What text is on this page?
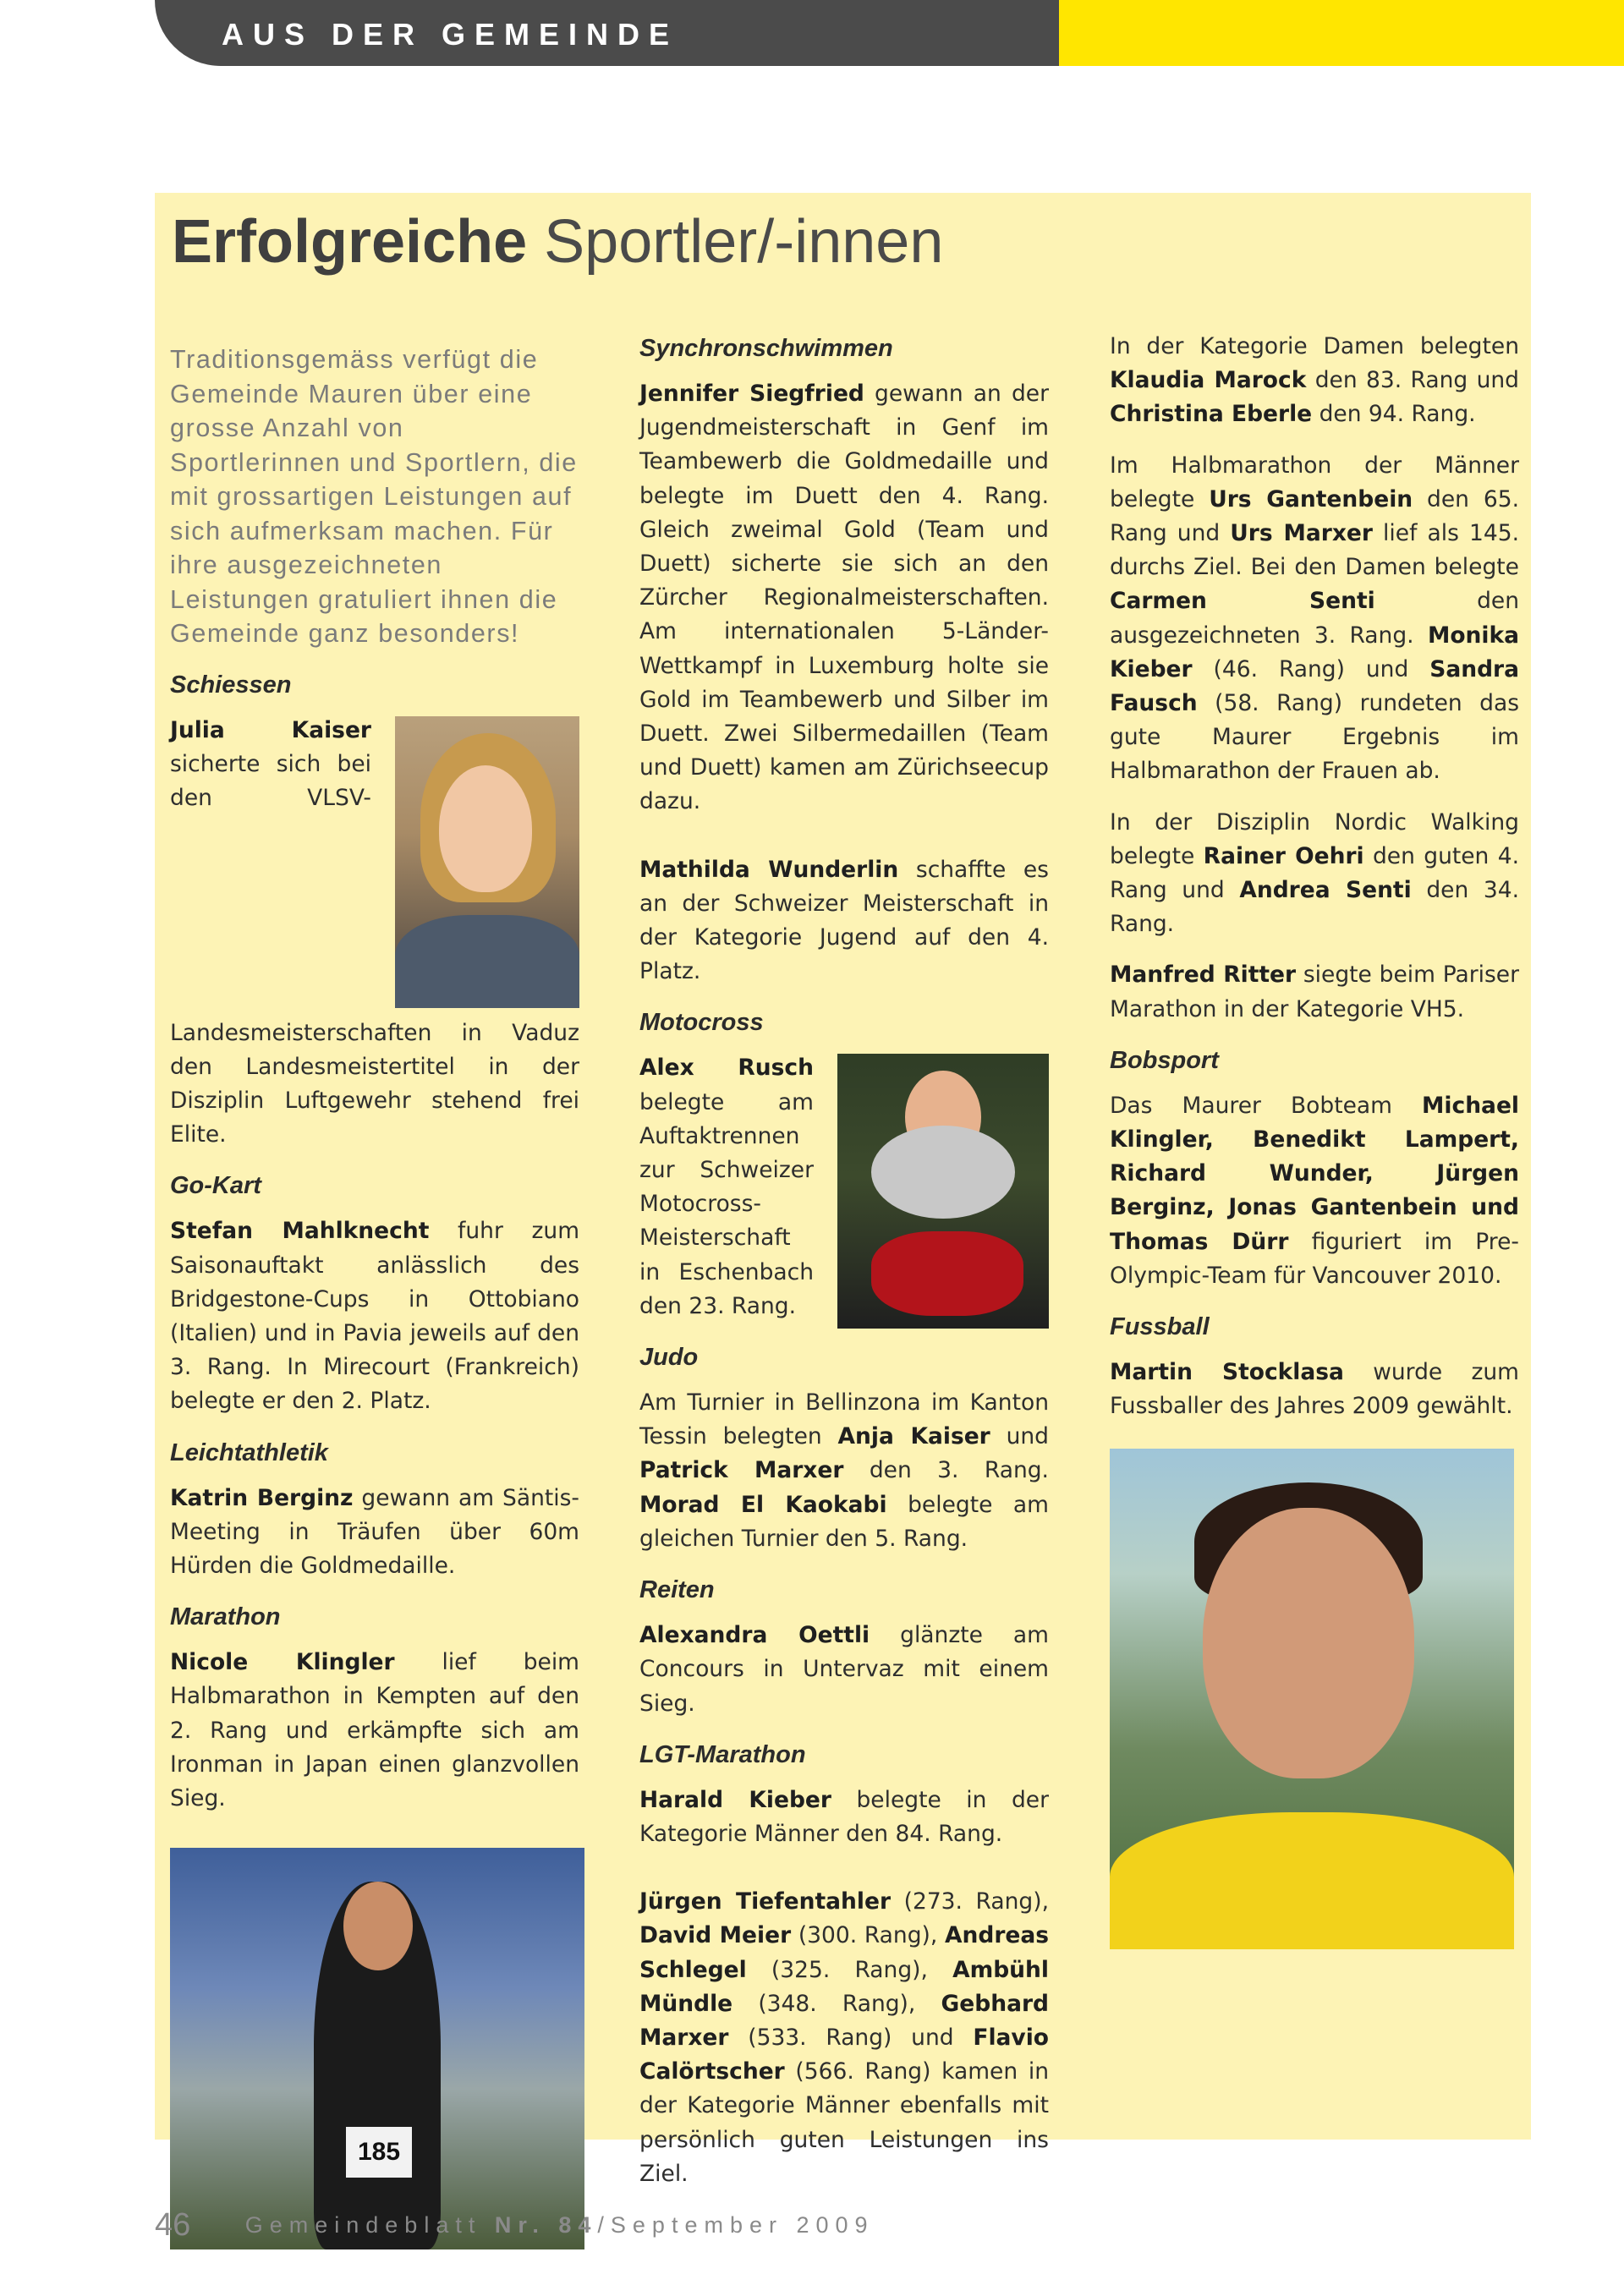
AUS DER GEMEINDE
Erfolgreiche Sportler/-innen
Traditionsgemäss verfügt die Gemeinde Mauren über eine grosse Anzahl von Sportlerinnen und Sportlern, die mit grossartigen Leistungen auf sich aufmerksam machen. Für ihre ausgezeichneten Leistungen gratuliert ihnen die Gemeinde ganz besonders!
Schiessen

Julia Kaiser sicherte sich bei den VLSV-Landesmeisterschaften in Vaduz den Landesmeistertitel in der Disziplin Luftgewehr stehend frei Elite.

Go-Kart

Stefan Mahlknecht fuhr zum Saisonauftakt anlässlich des Bridgestone-Cups in Ottobiano (Italien) und in Pavia jeweils auf den 3. Rang. In Mirecourt (Frankreich) belegte er den 2. Platz.

Leichtathletik

Katrin Berginz gewann am Säntis-Meeting in Träufen über 60m Hürden die Goldmedaille.

Marathon

Nicole Klingler lief beim Halbmarathon in Kempten auf den 2. Rang und erkämpfte sich am Ironman in Japan einen glanzvollen Sieg.

185
Synchronschwimmen

Jennifer Siegfried gewann an der Jugendmeisterschaft in Genf im Teambewerb die Goldmedaille und belegte im Duett den 4. Rang. Gleich zweimal Gold (Team und Duett) sicherte sie sich an den Zürcher Regionalmeisterschaften. Am internationalen 5-Länder-Wettkampf in Luxemburg holte sie Gold im Teambewerb und Silber im Duett. Zwei Silbermedaillen (Team und Duett) kamen am Zürichseecup dazu.

Mathilda Wunderlin schaffte es an der Schweizer Meisterschaft in der Kategorie Jugend auf den 4. Platz.

Motocross

Alex Rusch belegte am Auftaktrennen zur Schweizer Motocross-Meisterschaft in Eschenbach den 23. Rang.

Judo

Am Turnier in Bellinzona im Kanton Tessin belegten Anja Kaiser und Patrick Marxer den 3. Rang. Morad El Kaokabi belegte am gleichen Turnier den 5. Rang.

Reiten

Alexandra Oettli glänzte am Concours in Untervaz mit einem Sieg.

LGT-Marathon

Harald Kieber belegte in der Kategorie Männer den 84. Rang.

Jürgen Tiefentahler (273. Rang), David Meier (300. Rang), Andreas Schlegel (325. Rang), Ambühl Mündle (348. Rang), Gebhard Marxer (533. Rang) und Flavio Calörtscher (566. Rang) kamen in der Kategorie Männer ebenfalls mit persönlich guten Leistungen ins Ziel.

In der Kategorie Damen belegten Klaudia Marock den 83. Rang und Christina Eberle den 94. Rang.

Im Halbmarathon der Männer belegte Urs Gantenbein den 65. Rang und Urs Marxer lief als 145. durchs Ziel. Bei den Damen belegte Carmen Senti den ausgezeichneten 3. Rang. Monika Kieber (46. Rang) und Sandra Fausch (58. Rang) rundeten das gute Maurer Ergebnis im Halbmarathon der Frauen ab.

In der Disziplin Nordic Walking belegte Rainer Oehri den guten 4. Rang und Andrea Senti den 34. Rang.

Manfred Ritter siegte beim Pariser Marathon in der Kategorie VH5.

Bobsport

Das Maurer Bobteam Michael Klingler, Benedikt Lampert, Richard Wunder, Jürgen Berginz, Jonas Gantenbein und Thomas Dürr figuriert im Pre-Olympic-Team für Vancouver 2010.

Fussball

Martin Stocklasa wurde zum Fussballer des Jahres 2009 gewählt.

46 Gemeindeblatt Nr. 84/September 2009
